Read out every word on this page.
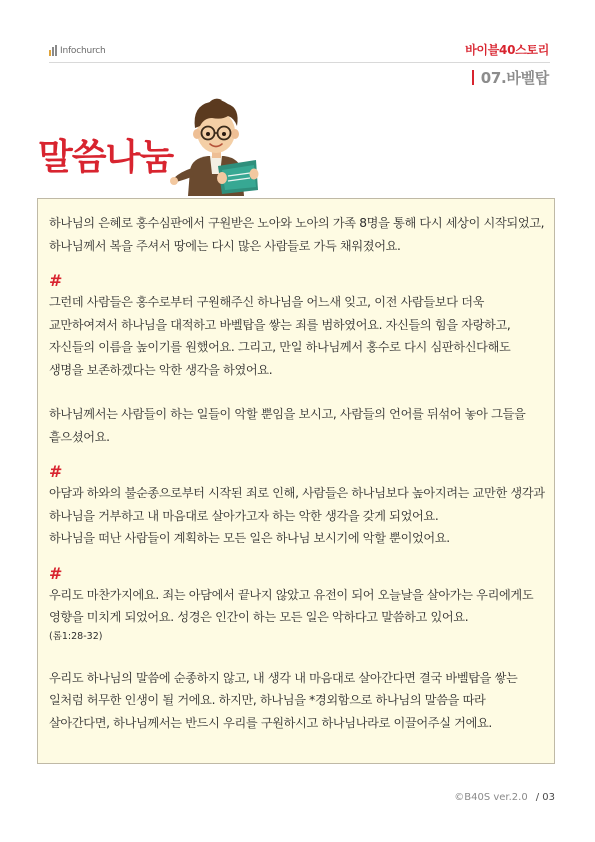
Infochurch	바이블40스토리
07.바벨탑
말씀나눔

하나님의 은혜로 홍수심판에서 구원받은 노아와 노아의 가족 8명을 통해 다시 세상이 시작되었고, 하나님께서 복을 주셔서 땅에는 다시 많은 사람들로 가득 채워졌어요.

#

그런데 사람들은 홍수로부터 구원해주신 하나님을 어느새 잊고, 이전 사람들보다 더욱 교만하여져서 하나님을 대적하고 바벨탑을 쌓는 죄를 범하였어요. 자신들의 힘을 자랑하고, 자신들의 이름을 높이기를 원했어요. 그리고, 만일 하나님께서 홍수로 다시 심판하신다해도 생명을 보존하겠다는 악한 생각을 하였어요.

하나님께서는 사람들이 하는 일들이 악할 뿐임을 보시고, 사람들의 언어를 뒤섞어 놓아 그들을 흩으셨어요.

#

아담과 하와의 불순종으로부터 시작된 죄로 인해, 사람들은 하나님보다 높아지려는 교만한 생각과 하나님을 거부하고 내 마음대로 살아가고자 하는 악한 생각을 갖게 되었어요.

하나님을 떠난 사람들이 계획하는 모든 일은 하나님 보시기에 악할 뿐이었어요.

#

우리도 마찬가지에요. 죄는 아담에서 끝나지 않았고 유전이 되어 오늘날을 살아가는 우리에게도 영향을 미치게 되었어요. 성경은 인간이 하는 모든 일은 악하다고 말씀하고 있어요.

(롬1:28-32)

우리도 하나님의 말씀에 순종하지 않고, 내 생각 내 마음대로 살아간다면 결국 바벨탑을 쌓는 일처럼 허무한 인생이 될 거에요. 하지만, 하나님을 *경외함으로 하나님의 말씀을 따라 살아간다면, 하나님께서는 반드시 우리를 구원하시고 하나님나라로 이끌어주실 거에요.

©B40S ver.2.0 / 03
